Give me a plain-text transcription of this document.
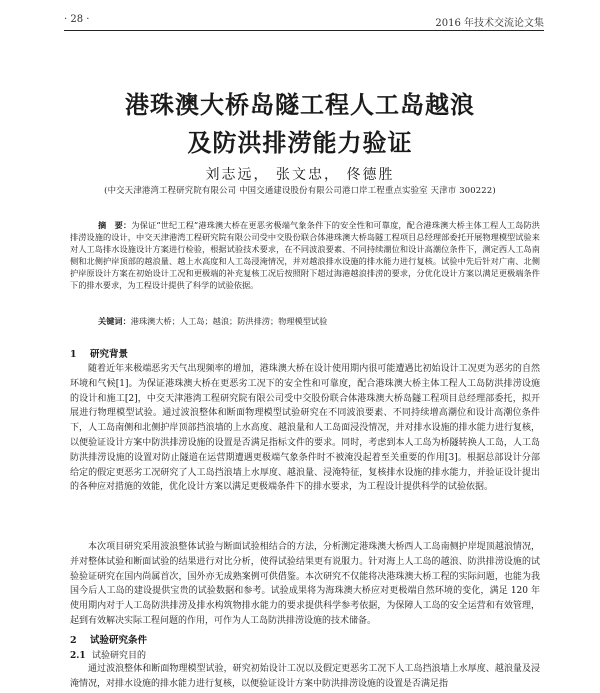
· 28 ·	2016 年技术交流论文集
港珠澳大桥岛隧工程人工岛越浪
及防洪排涝能力验证
刘志远， 张文忠， 佟德胜
(中交天津港湾工程研究院有限公司 中国交通建设股份有限公司港口岸工程重点实验室 天津市 300222)
摘　要：为保证“世纪工程”港珠澳大桥在更恶劣极端气象条件下的安全性和可靠度，配合港珠澳大桥主体工程人工岛防洪排涝设施的设计，中交天津港湾工程研究院有限公司受中交股份联合体港珠澳大桥岛隧工程项目总经理部委托开展物理模型试验来对人工岛排水设施设计方案进行检验，根据试验技术要求，在不同波浪要素、不同持续潮位和设计高潮位条件下，测定西人工岛南侧和北侧护岸顶部的越浪量、越上水高度和人工岛浸淹情况，并对越浪排水设施的排水能力进行复核。试验中先后针对广南、北侧护岸原设计方案在初始设计工况和更极端的补充复核工况后按照附下超过海港越浪排涝的要求，分优化设计方案以满足更极端条件下的排水要求，为工程设计提供了科学的试验依据。
关键词：港珠澳大桥；人工岛；越浪；防洪排涝；物理模型试验
1 研究背景

随着近年来极端恶劣天气出现频率的增加，港珠澳大桥在设计使用期内很可能遭遇比初始设计工况更为恶劣的自然环境和气候[1]。为保证港珠澳大桥在更恶劣工况下的安全性和可靠度，配合港珠澳大桥主体工程人工岛防洪排涝设施的设计和施工[2]，中交天津港湾工程研究院有限公司受中交股份联合体港珠澳大桥岛隧工程项目总经理部委托，拟开展进行物理模型试验。通过波浪整体和断面物理模型试验研究在不同波浪要素、不同持续增高潮位和设计高潮位条件下，人工岛南侧和北侧护岸顶部挡浪墙的上水高度、越浪量和人工岛面浸没情况，并对排水设施的排水能力进行复核，以便验证设计方案中防洪排涝设施的设置是否满足指标文件的要求。同时，考虑到本人工岛为桥隧转换人工岛，人工岛防洪排涝设施的设置对防止隧道在运营期遭遇更极端气象条件时不被淹没起着至关重要的作用[3]。根据总部设计分部给定的假定更恶劣工况研究了人工岛挡浪墙上水厚度、越浪量、浸淹特征，复核排水设施的排水能力，并验证设计提出的各种应对措施的效能，优化设计方案以满足更极端条件下的排水要求，为工程设计提供科学的试验依据。

本次项目研究采用波浪整体试验与断面试验相结合的方法，分析测定港珠澳大桥西人工岛南侧护岸堤顶越浪情况，并对整体试验和断面试验的结果进行对比分析，使得试验结果更有说服力。针对海上人工岛的越浪、防洪排涝设施的试验验证研究在国内尚属首次，国外亦无成熟案例可供借鉴。本次研究不仅能将决港珠澳大桥工程的实际问题，也能为我国今后人工岛的建设提供宝贵的试验数据和参考。试验成果将为海珠澳大桥应对更极端自然环境的变化，满足 120 年使用期内对于人工岛防洪排涝及排水构筑物排水能力的要求提供科学参考依据，为保障人工岛的安全运营和有效管理，起到有效解决实际工程问题的作用，可作为人工岛防洪排涝设施的技术储备。

2 试验研究条件
2.1 试验研究目的

通过波浪整体和断面物理模型试验，研究初始设计工况以及假定更恶劣工况下人工岛挡浪墙上水厚度、越浪量及浸淹情况，对排水设施的排水能力进行复核，以便验证设计方案中防洪排涝设施的设置是否满足指
